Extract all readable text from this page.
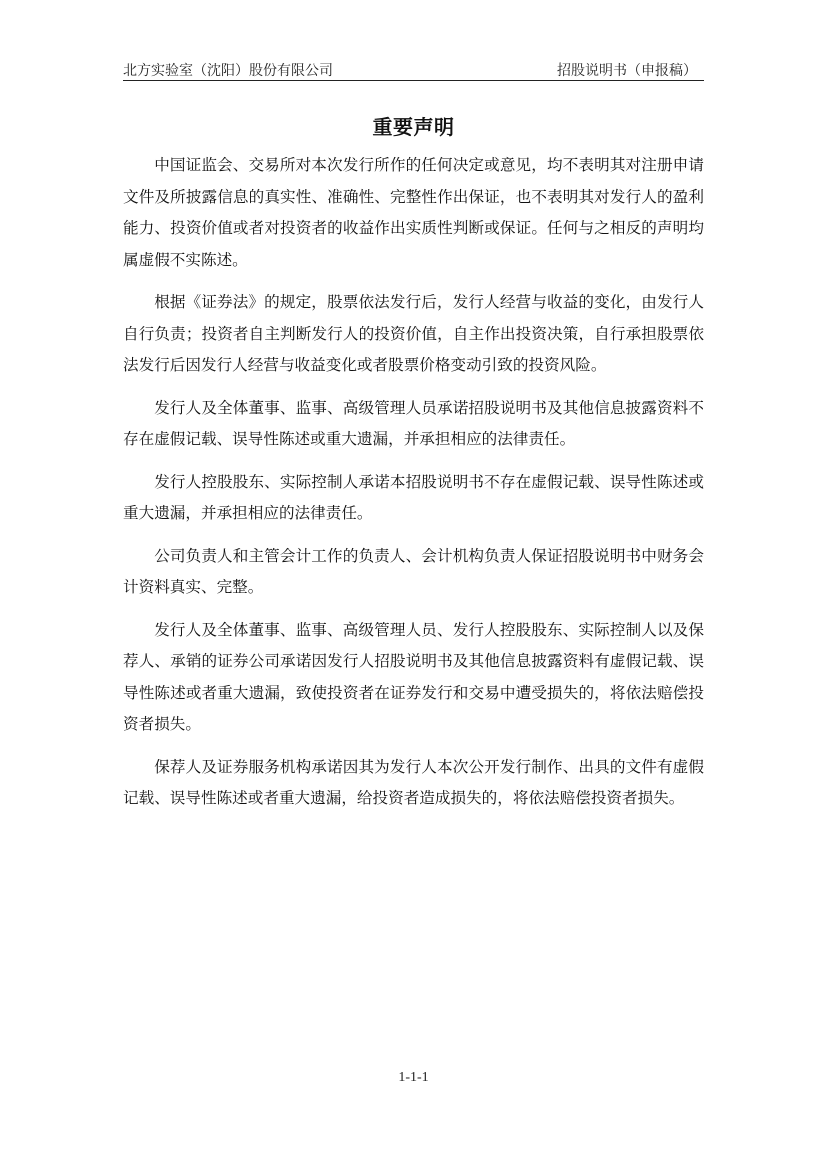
北方实验室（沈阳）股份有限公司	招股说明书（申报稿）
重要声明

中国证监会、交易所对本次发行所作的任何决定或意见，均不表明其对注册申请文件及所披露信息的真实性、准确性、完整性作出保证，也不表明其对发行人的盈利能力、投资价值或者对投资者的收益作出实质性判断或保证。任何与之相反的声明均属虚假不实陈述。

根据《证券法》的规定，股票依法发行后，发行人经营与收益的变化，由发行人自行负责；投资者自主判断发行人的投资价值，自主作出投资决策，自行承担股票依法发行后因发行人经营与收益变化或者股票价格变动引致的投资风险。

发行人及全体董事、监事、高级管理人员承诺招股说明书及其他信息披露资料不存在虚假记载、误导性陈述或重大遗漏，并承担相应的法律责任。

发行人控股股东、实际控制人承诺本招股说明书不存在虚假记载、误导性陈述或重大遗漏，并承担相应的法律责任。

公司负责人和主管会计工作的负责人、会计机构负责人保证招股说明书中财务会计资料真实、完整。

发行人及全体董事、监事、高级管理人员、发行人控股股东、实际控制人以及保荐人、承销的证券公司承诺因发行人招股说明书及其他信息披露资料有虚假记载、误导性陈述或者重大遗漏，致使投资者在证券发行和交易中遭受损失的，将依法赔偿投资者损失。

保荐人及证券服务机构承诺因其为发行人本次公开发行制作、出具的文件有虚假记载、误导性陈述或者重大遗漏，给投资者造成损失的，将依法赔偿投资者损失。

1-1-1
